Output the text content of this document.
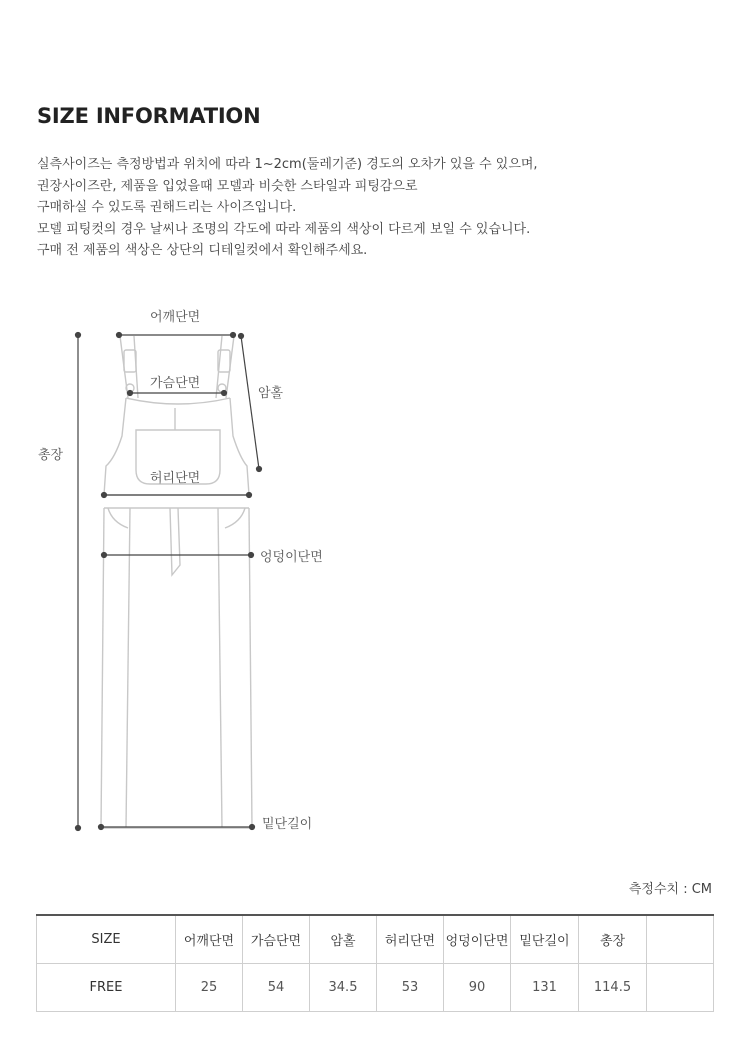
SIZE INFORMATION
실측사이즈는 측정방법과 위치에 따라 1~2cm(둘레기준) 경도의 오차가 있을 수 있으며,
권장사이즈란, 제품을 입었을때 모델과 비슷한 스타일과 피팅감으로
구매하실 수 있도록 권해드리는 사이즈입니다.
모델 피팅컷의 경우 날씨나 조명의 각도에 따라 제품의 색상이 다르게 보일 수 있습니다.
구매 전 제품의 색상은 상단의 디테일컷에서 확인해주세요.
어깨단면
가슴단면
암홀
총장
허리단면
엉덩이단면
밑단길이
측정수치 : CM
SIZE	어깨단면	가슴단면	암홀	허리단면	엉덩이단면	밑단길이	총장	
FREE	25	54	34.5	53	90	131	114.5	
